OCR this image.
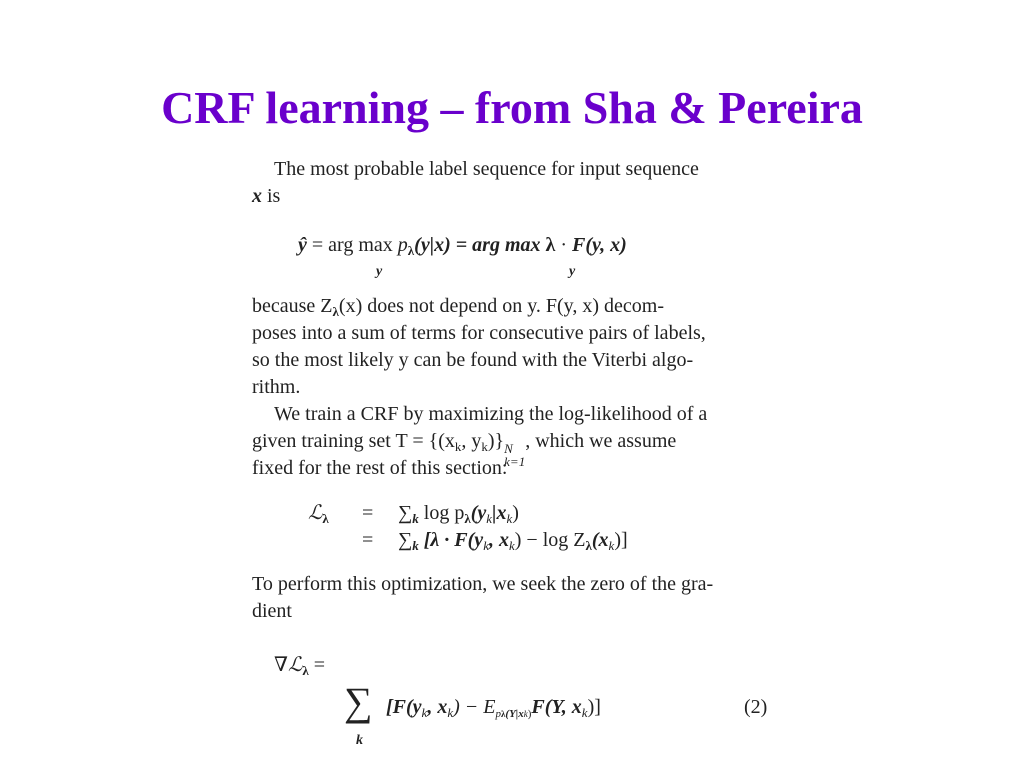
CRF learning – from Sha & Pereira
The most probable label sequence for input sequence
x is
ŷ = arg $\max p_\lambda(y|x)$ = arg max λ · F(y, x)
y	y
because $Z_\lambda(x)$ does not depend on y. F(y, x) decom-
poses into a sum of terms for consecutive pairs of labels,
so the most likely y can be found with the Viterbi algo-
rithm.
We train a CRF by maximizing the log-likelihood of a
given training set $T = \{(x_k$, $y_k$)} N
k=1
, which we assume
fixed for the rest of this section:
ℒ$_\lambda$ = $\sum_k$ $\log p_\lambda(y_k|x_k)$
= $\sum_k$ [$\lambda \cdot F(y_k$, $x_k) - \log Z_\lambda(x_k)$]
To perform this optimization, we seek the zero of the gra-
dient
∇ℒ$_\lambda$ =
∑
k
[$F(y_k$, $x_k) - E_{p\lambda(Y|xk)}F(Y$, $x_k$)]	(2)
